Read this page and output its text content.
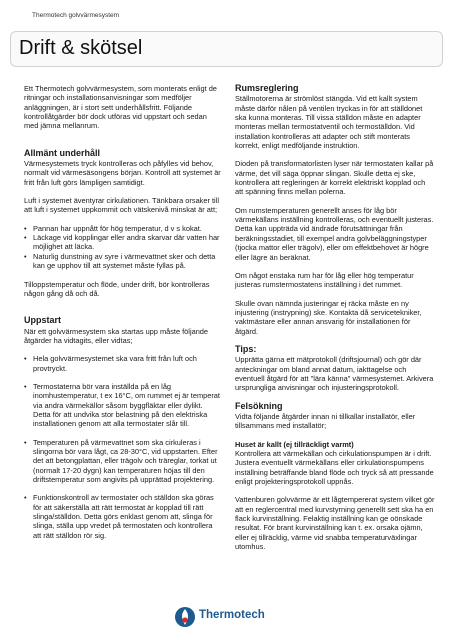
Thermotech golvvärmesystem
Drift & skötsel

Ett Thermotech golvvärmesystem, som monterats enligt de ritningar och installationsanvisningar som medföljer anläggningen, är i stort sett underhållsfritt. Följande kontrollåtgärder bör dock utföras vid uppstart och sedan med jämna mellanrum.

Allmänt underhåll

Värmesystemets tryck kontrolleras och påfylles vid behov, normalt vid värmesäsongens början. Kontroll att systemet är fritt från luft görs lämpligen samtidigt.

Luft i systemet äventyrar cirkulationen. Tänkbara orsaker till att luft i systemet uppkommit och vätskenivå minskat är att;

• Pannan har uppnått för hög temperatur, d v s kokat.
• Läckage vid kopplingar eller andra skarvar där vatten har möjlighet att läcka.
• Naturlig dunstning av syre i värmevattnet sker och detta kan ge upphov till att systemet måste fyllas på.

Tilloppstemperatur och flöde, under drift, bör kontrolleras någon gång då och då.

Uppstart

När ett golvvärmesystem ska startas upp måste följande åtgärder ha vidtagits, eller vidtas;

• Hela golvvärmesystemet ska vara fritt från luft och provtryckt.
• Termostaterna bör vara inställda på en låg inomhustemperatur, t ex 16°C, om rummet ej är temperat via andra värmekällor såsom byggfläktar eller dylikt. Detta för att undvika stor belastning på den elektriska installationen genom att alla termostater slår till.
• Temperaturen på värmevattnet som ska cirkuleras i slingorna bör vara lågt, ca 28-30°C, vid uppstarten. Efter det att betongplattan, eller trägolv och träreglar, torkat ut (normalt 17-20 dygn) kan temperaturen höjas till den driftstemperatur som angivits på upprättad projektering.
• Funktionskontroll av termostater och ställdon ska göras för att säkerställa att rätt termostat är kopplad till rätt slinga/ställdon. Detta görs enklast genom att, slinga för slinga, ställa upp vredet på termostaten och kontrollera att rätt ställdon rör sig.
Rumsreglering

Ställmotorerna är strömlöst stängda. Vid ett kallt system måste därför nålen på ventilen tryckas in för att ställdonet ska kunna monteras. Till vissa ställdon måste en adapter monteras mellan termostatventil och termoställdon. Vid installation kontrolleras att adapter och stift monterats korrekt, enligt medföljande instruktion.

Dioden på transformatorlisten lyser när termostaten kallar på värme, det vill säga öppnar slingan. Skulle detta ej ske, kontrollera att regleringen är korrekt elektriskt kopplad och att spänning finns mellan polerna.

Om rumstemperaturen generellt anses för låg bör värmekällans inställning kontrolleras, och eventuellt justeras. Detta kan uppträda vid ändrade förutsättningar från beräkningsstadiet, till exempel andra golvbeläggningstyper (tjocka mattor eller trägolv), eller om effektbehovet är högre eller lägre än beräknat.

Om något enstaka rum har för låg eller hög temperatur justeras rumstermostatens inställning i det rummet.

Skulle ovan nämnda justeringar ej räcka måste en ny injustering (instrypning) ske. Kontakta då servicetekniker, vaktmästare eller annan ansvarig för installationen för åtgärd.

Tips:

Upprätta gärna ett mätprotokoll (driftsjournal) och gör där anteckningar om bland annat datum, iakttagelse och eventuell åtgärd för att "lära känna" värmesystemet. Arkivera ursprungliga anvisningar och injusteringsprotokoll.

Felsökning

Vidta följande åtgärder innan ni tillkallar installatör, eller tillsammans med installatör;

Huset är kallt (ej tillräckligt varmt)

Kontrollera att värmekällan och cirkulationspumpen är i drift. Justera eventuellt värmekällans eller cirkulationspumpens inställning beträffande bland flöde och tryck så att pressande enligt projekteringsprotokoll uppnås.

Vattenburen golvvärme är ett lågtempererat system vilket gör att en reglercentral med kurvstyrning generellt sett ska ha en flack kurvinställning. Felaktig inställning kan ge oönskade resultat. För brant kurvinställning kan t. ex. orsaka ojämn, eller ej tillräcklig, värme vid snabba temperaturväxlingar utomhus.

Thermotech
